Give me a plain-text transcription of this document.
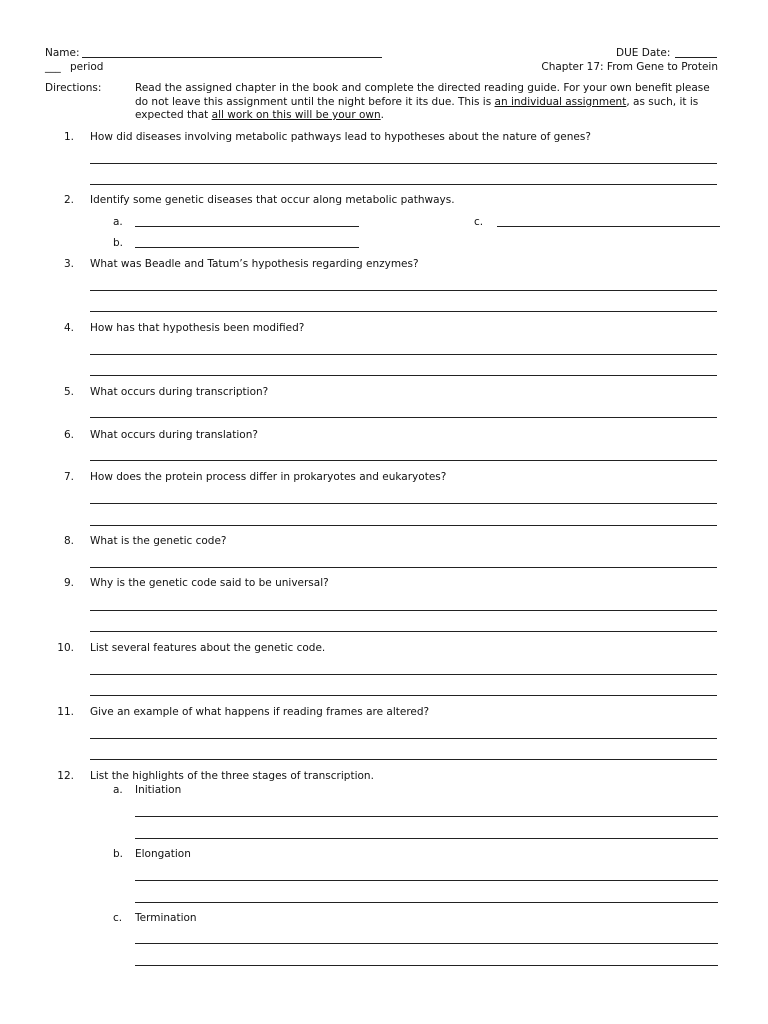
Name:
___ period
DUE Date:
Chapter 17: From Gene to Protein
Directions:	Read the assigned chapter in the book and complete the directed reading guide. For your own benefit please do not leave this assignment until the night before it its due. This is an individual assignment, as such, it is expected that all work on this will be your own.
1. How did diseases involving metabolic pathways lead to hypotheses about the nature of genes?
2. Identify some genetic diseases that occur along metabolic pathways.
a.	c.
b.
3. What was Beadle and Tatum’s hypothesis regarding enzymes?
4. How has that hypothesis been modified?
5. What occurs during transcription?
6. What occurs during translation?
7. How does the protein process differ in prokaryotes and eukaryotes?
8. What is the genetic code?
9. Why is the genetic code said to be universal?
10. List several features about the genetic code.
11. Give an example of what happens if reading frames are altered?
12. List the highlights of the three stages of transcription.
a. Initiation
b. Elongation
c. Termination
